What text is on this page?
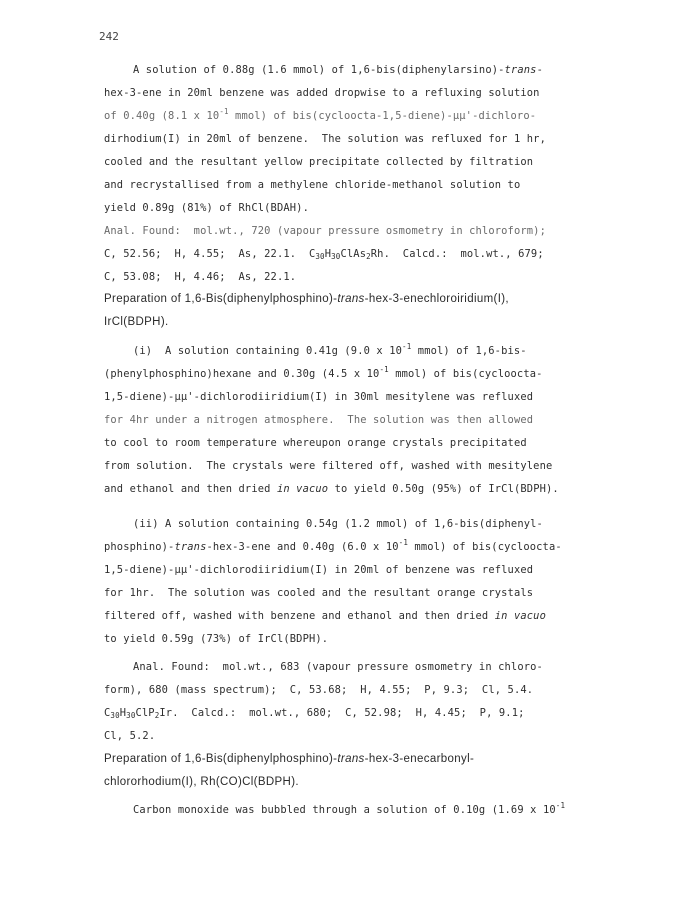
242
A solution of 0.88g (1.6 mmol) of 1,6-bis(diphenylarsino)-trans-
hex-3-ene in 20ml benzene was added dropwise to a refluxing solution
of 0.40g (8.1 x $10^{-1}$ mmol) of bis(cycloocta-1,5-diene)-μμ'-dichloro-
dirhodium(I) in 20ml of benzene.  The solution was refluxed for 1 hr,
cooled and the resultant yellow precipitate collected by filtration
and recrystallised from a methylene chloride-methanol solution to
yield 0.89g (81%) of RhCl(BDAH).
Anal. Found:  mol.wt., 720 (vapour pressure osmometry in chloroform);
C, 52.56;  H, 4.55;  As, 22.1.  $C_{30}H_{30}ClAs_2Rh$.  Calcd.:  mol.wt., 679;
C, 53.08;  H, 4.46;  As, 22.1.
Preparation of 1,6-Bis(diphenylphosphino)-trans-hex-3-enechloroiridium(I),
IrCl(BDPH).
(i)  A solution containing 0.41g (9.0 x $10^{-1}$ mmol) of 1,6-bis-
(phenylphosphino)hexane and 0.30g (4.5 x $10^{-1}$ mmol) of bis(cycloocta-
1,5-diene)-μμ'-dichlorodiiridium(I) in 30ml mesitylene was refluxed
for 4hr under a nitrogen atmosphere.  The solution was then allowed
to cool to room temperature whereupon orange crystals precipitated
from solution.  The crystals were filtered off, washed with mesitylene
and ethanol and then dried in vacuo to yield 0.50g (95%) of IrCl(BDPH).
(ii) A solution containing 0.54g (1.2 mmol) of 1,6-bis(diphenyl-
phosphino)-trans-hex-3-ene and 0.40g (6.0 x $10^{-1}$ mmol) of bis(cycloocta-
1,5-diene)-μμ'-dichlorodiiridium(I) in 20ml of benzene was refluxed
for 1hr.  The solution was cooled and the resultant orange crystals
filtered off, washed with benzene and ethanol and then dried in vacuo
to yield 0.59g (73%) of IrCl(BDPH).
Anal. Found:  mol.wt., 683 (vapour pressure osmometry in chloro-
form), 680 (mass spectrum);  C, 53.68;  H, 4.55;  P, 9.3;  Cl, 5.4.
$C_{30}H_{30}ClP_2Ir$.  Calcd.:  mol.wt., 680;  C, 52.98;  H, 4.45;  P, 9.1;
Cl, 5.2.
Preparation of 1,6-Bis(diphenylphosphino)-trans-hex-3-enecarbonyl-
chlororhodium(I), Rh(CO)Cl(BDPH).
Carbon monoxide was bubbled through a solution of 0.10g (1.69 x $10^{-1}$
